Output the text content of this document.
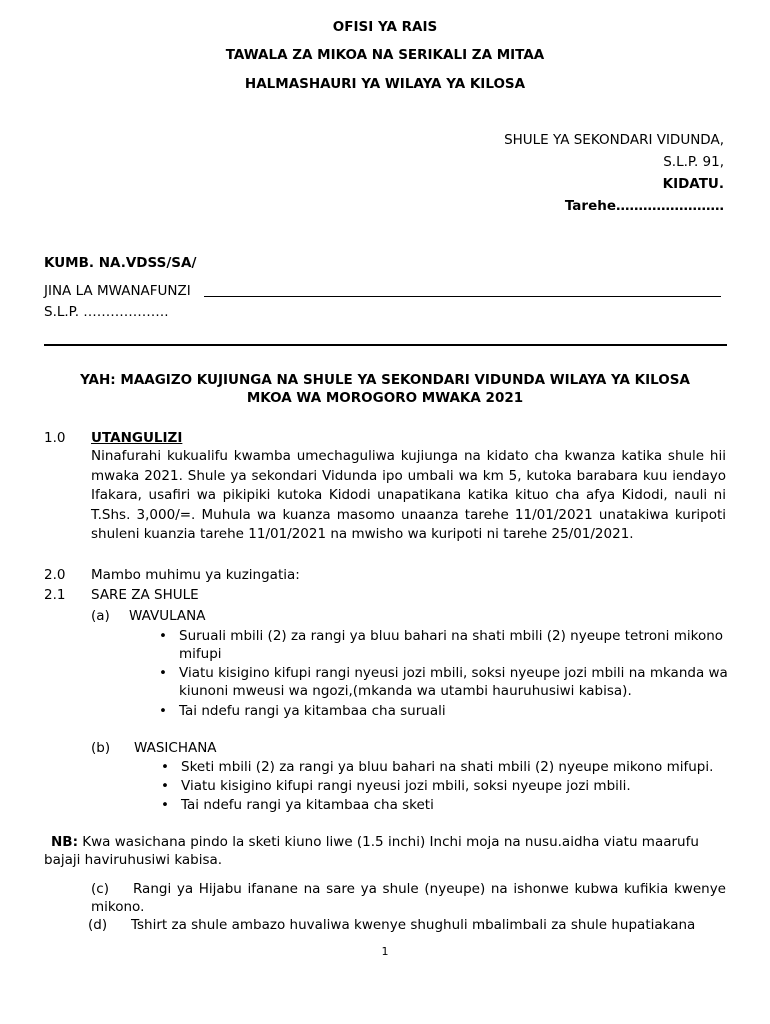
OFISI YA RAIS
TAWALA ZA MIKOA NA SERIKALI ZA MITAA
HALMASHAURI YA WILAYA YA KILOSA
SHULE YA SEKONDARI VIDUNDA,
S.L.P. 91,
KIDATU.
Tarehe……………………
KUMB. NA.VDSS/SA/
JINA LA MWANAFUNZI
S.L.P. ……………….
YAH: MAAGIZO KUJIUNGA NA SHULE YA SEKONDARI VIDUNDA WILAYA YA KILOSA
MKOA WA MOROGORO MWAKA 2021
1.0 UTANGULIZI
Ninafurahi kukualifu kwamba umechaguliwa kujiunga na kidato cha kwanza katika shule hii mwaka 2021. Shule ya sekondari Vidunda ipo umbali wa km 5, kutoka barabara kuu iendayo Ifakara, usafiri wa pikipiki kutoka Kidodi unapatikana katika kituo cha afya Kidodi, nauli ni T.Shs. 3,000/=. Muhula wa kuanza masomo unaanza tarehe 11/01/2021 unatakiwa kuripoti shuleni kuanzia tarehe 11/01/2021 na mwisho wa kuripoti ni tarehe 25/01/2021.
2.0 Mambo muhimu ya kuzingatia:
2.1 SARE ZA SHULE
(a) WAVULANA
• Suruali mbili (2) za rangi ya bluu bahari na shati mbili (2) nyeupe tetroni mikono mifupi
• Viatu kisigino kifupi rangi nyeusi jozi mbili, soksi nyeupe jozi mbili na mkanda wa kiunoni mweusi wa ngozi,(mkanda wa utambi hauruhusiwi kabisa).
• Tai ndefu rangi ya kitambaa cha suruali
(b) WASICHANA
• Sketi mbili (2) za rangi ya bluu bahari na shati mbili (2) nyeupe mikono mifupi.
• Viatu kisigino kifupi rangi nyeusi jozi mbili, soksi nyeupe jozi mbili.
• Tai ndefu rangi ya kitambaa cha sketi
NB: Kwa wasichana pindo la sketi kiuno liwe (1.5 inchi) Inchi moja na nusu.aidha viatu maarufu bajaji haviruhusiwi kabisa.
(c) Rangi ya Hijabu ifanane na sare ya shule (nyeupe) na ishonwe kubwa kufikia kwenye mikono.
(d) Tshirt za shule ambazo huvaliwa kwenye shughuli mbalimbali za shule hupatiakana
1
